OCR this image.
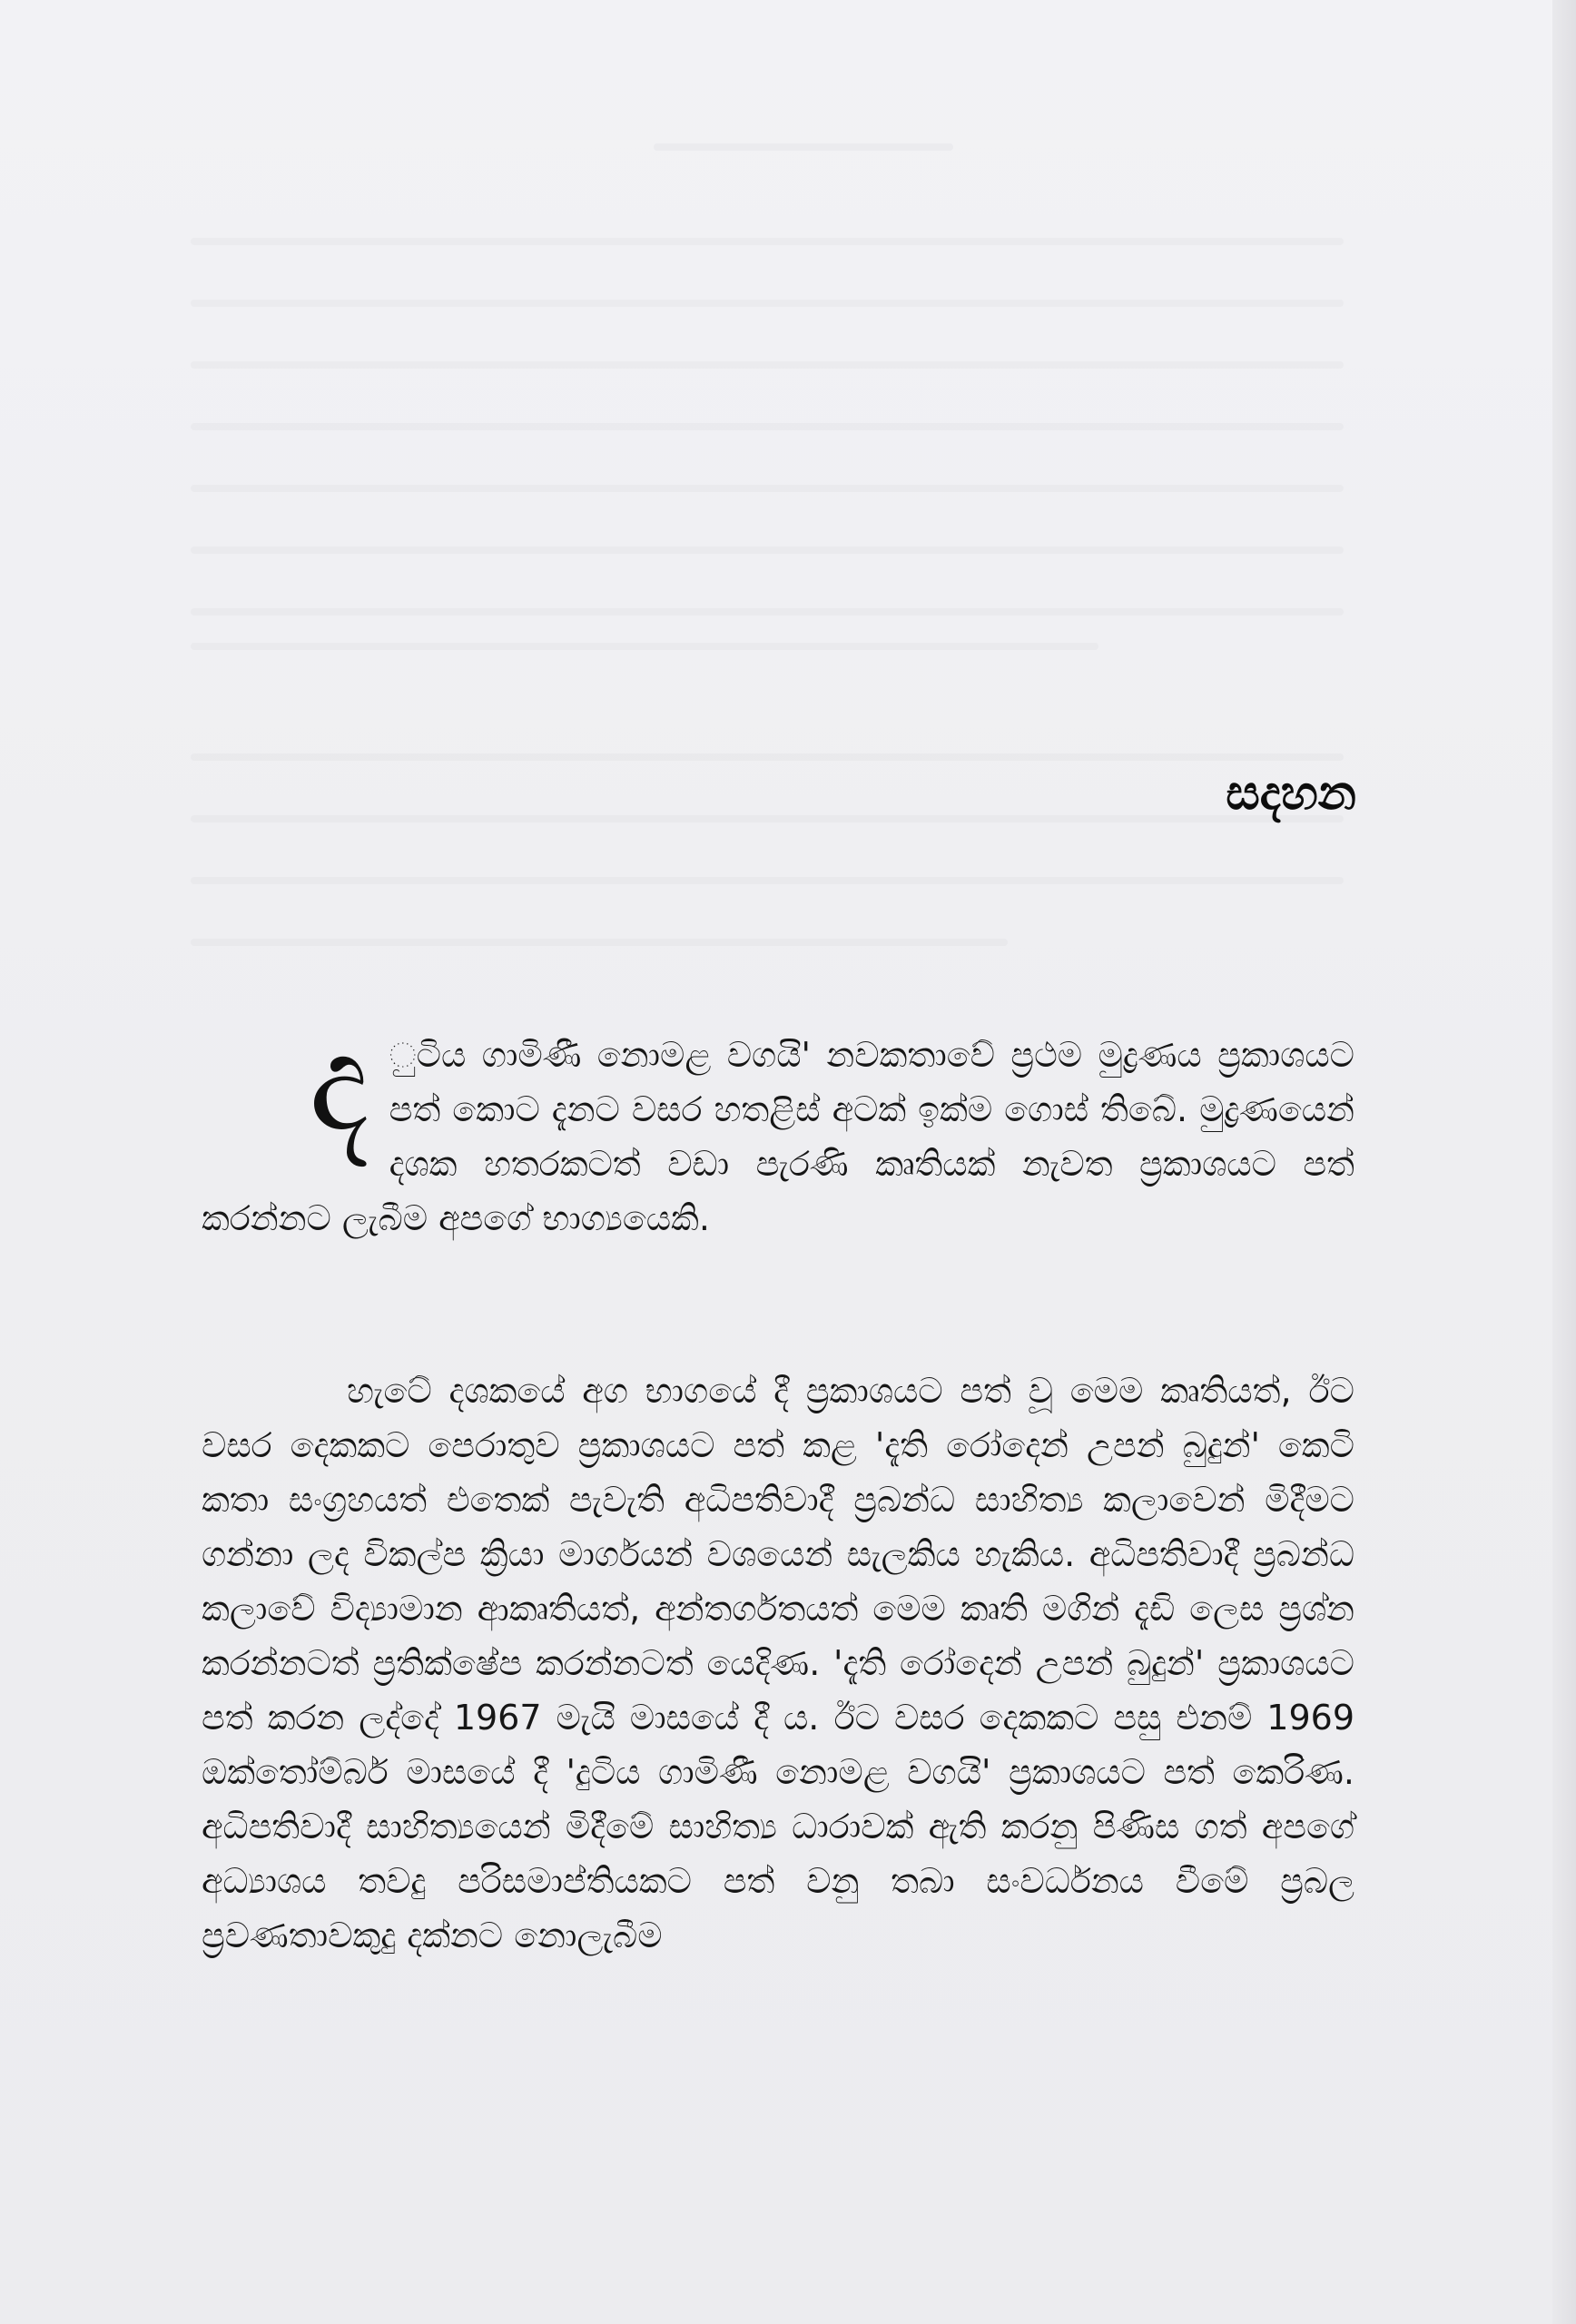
සදහන

ද ුටිය ගාමිණී නොමළ වගයි' නවකතාවේ ප්‍රථම මුද්‍රණය ප්‍රකාශයට පත් කොට දැනට වසර හතළිස් අටක් ඉක්ම ගොස් තිබේ. මුද්‍රණයෙන් දශක හතරකටත් වඩා පැරණි කෘතියක් නැවත ප්‍රකාශයට පත් කරන්නට ලැබීම අපගේ භාග්‍යයෙකි.

හැටේ දශකයේ අග භාගයේ දී ප්‍රකාශයට පත් වූ මෙම කෘතියත්, ඊට වසර දෙකකට පෙරාතුව ප්‍රකාශයට පත් කළ 'දැති රෝදෙන් උපන් බුදුන්' කෙටි කතා සංග්‍රහයත් එතෙක් පැවැති අධිපතිවාදී ප්‍රබන්ධ සාහිත්‍ය කලාවෙන් මිදීමට ගන්නා ලද විකල්ප ක්‍රියා මාර්ගයන් වශයෙන් සැලකිය හැකිය. අධිපතිවාදී ප්‍රබන්ධ කලාවේ විද්‍යාමාන ආකෘතියත්, අන්තර්ගතයත් මෙම කෘති මගින් දැඩි ලෙස ප්‍රශ්න කරන්නටත් ප්‍රතික්ෂේප කරන්නටත් යෙදිණ. 'දැති රෝදෙන් උපන් බුදුන්' ප්‍රකාශයට පත් කරන ලද්දේ 1967 මැයි මාසයේ දී ය. ඊට වසර දෙකකට පසු එනම් 1969 ඔක්තෝම්බර් මාසයේ දී 'දුටිය ගාමිණී නොමළ වගයි' ප්‍රකාශයට පත් කෙරිණ. අධිපතිවාදී සාහිත්‍යයෙන් මිදීමේ සාහිත්‍ය ධාරාවක් ඇති කරනු පිණිස ගත් අපගේ අධ්‍යාශය තවදු පරිසමාප්තියකට පත් වනු තබා සංවර්ධනය වීමේ ප්‍රබල ප්‍රවණතාවකුදු දක්නට නොලැබීම
